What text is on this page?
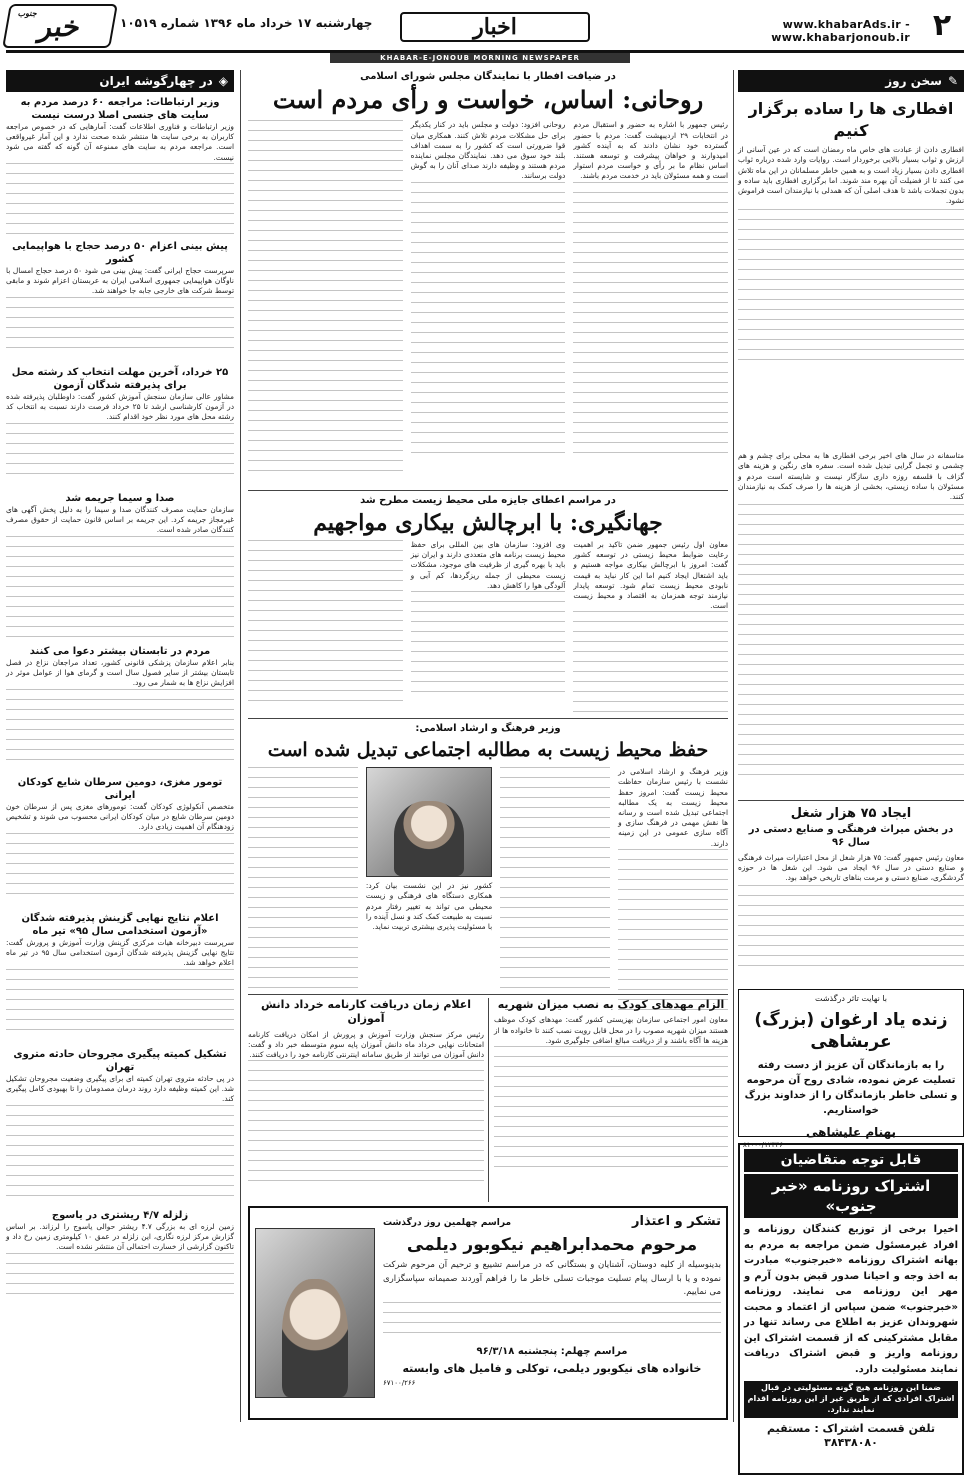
۲
www.khabarAds.ir - www.khabarjonoub.ir
اخبار
چهارشنبه ۱۷ خرداد ماه ۱۳۹۶ شماره ۱۰۵۱۹
جنوب
خبر
KHABAR-E-JONOUB MORNING NEWSPAPER
✎
سخن روز
افطاری ها را ساده برگزار کنیم

افطاری دادن از عبادت های خاص ماه رمضان است که در عین آسانی از ارزش و ثواب بسیار بالایی برخوردار است. روایات وارد شده درباره ثواب افطاری دادن بسیار زیاد است و به همین خاطر مسلمانان در این ماه تلاش می کنند تا از فضیلت آن بهره مند شوند. اما برگزاری افطاری باید ساده و بدون تجملات باشد تا هدف اصلی آن که همدلی با نیازمندان است فراموش نشود.

متاسفانه در سال های اخیر برخی افطاری ها به محلی برای چشم و هم چشمی و تجمل گرایی تبدیل شده است. سفره های رنگین و هزینه های گزاف با فلسفه روزه داری سازگار نیست و شایسته است مردم و مسئولان با ساده زیستی، بخشی از هزینه ها را صرف کمک به نیازمندان کنند.

ایجاد ۷۵ هزار شغل
در بخش میراث فرهنگی و صنایع دستی در سال ۹۶

معاون رئیس جمهور گفت: ۷۵ هزار شغل از محل اعتبارات میراث فرهنگی و صنایع دستی در سال ۹۶ ایجاد می شود. این شغل ها در حوزه گردشگری، صنایع دستی و مرمت بناهای تاریخی خواهد بود.

با نهایت تاثر درگذشت
زنده یاد ارغوان (بزرگ) عربشاهی
را به بازماندگان آن عزیز از دست رفته تسلیت عرض نموده، شادی روح آن مرحومه و تسلی خاطر بازماندگان را از خداوند بزرگ خواستاریم.
بهنام علیشاهی
۸۱۰۰۰/۱۲۳۳۶
قابل توجه متقاضیان
اشتراک روزنامه «خبر جنوب»
اخیرا برخی از توزیع کنندگان روزنامه و افراد غیرمسئول ضمن مراجعه به مردم به بهانه اشتراک روزنامه «خبرجنوب» مبادرت به اخذ وجه و احیانا صدور قبض بدون آرم و مهر این روزنامه می نمایند. روزنامه «خبرجنوب» ضمن سپاس از اعتماد و محبت شهروندان عزیز به اطلاع می رساند تنها در مقابل مشترکینی که از قسمت اشتراک این روزنامه واریز و قبض اشتراک دریافت نمایند مسئولیت دارد.
ضمنا این روزنامه هیچ گونه مسئولیتی در قبال اشتراک افرادی که از طریق غیر از این روزنامه اقدام نمایند ندارد.
تلفن قسمت اشتراک : مستقیم ۳۸۴۳۸۰۸۰
◈
در چهارگوشه ایران
وزیر ارتباطات: مراجعه ۶۰ درصد مردم به سایت های جنسی اصلا درست نیست

وزیر ارتباطات و فناوری اطلاعات گفت: آمارهایی که در خصوص مراجعه کاربران به برخی سایت ها منتشر شده صحت ندارد و این آمار غیرواقعی است. مراجعه مردم به سایت های ممنوعه آن گونه که گفته می شود نیست.

پیش بینی اعزام ۵۰ درصد حجاج با هواپیمایی کشور

سرپرست حجاج ایرانی گفت: پیش بینی می شود ۵۰ درصد حجاج امسال با ناوگان هواپیمایی جمهوری اسلامی ایران به عربستان اعزام شوند و مابقی توسط شرکت های خارجی جابه جا خواهند شد.

۲۵ خرداد، آخرین مهلت انتخاب کد رشته محل برای پذیرفته شدگان آزمون

مشاور عالی سازمان سنجش آموزش کشور گفت: داوطلبان پذیرفته شده در آزمون کارشناسی ارشد تا ۲۵ خرداد فرصت دارند نسبت به انتخاب کد رشته محل های مورد نظر خود اقدام کنند.

صدا و سیما جریمه شد

سازمان حمایت مصرف کنندگان صدا و سیما را به دلیل پخش آگهی های غیرمجاز جریمه کرد. این جریمه بر اساس قانون حمایت از حقوق مصرف کنندگان صادر شده است.

مردم در تابستان بیشتر دعوا می کنند

بنابر اعلام سازمان پزشکی قانونی کشور، تعداد مراجعان نزاع در فصل تابستان بیشتر از سایر فصول سال است و گرمای هوا از عوامل موثر در افزایش نزاع ها به شمار می رود.

تومور مغزی، دومین سرطان شایع کودکان ایرانی

متخصص آنکولوژی کودکان گفت: تومورهای مغزی پس از سرطان خون دومین سرطان شایع در میان کودکان ایرانی محسوب می شوند و تشخیص زودهنگام آن اهمیت زیادی دارد.

اعلام نتایج نهایی گزینش پذیرفته شدگان «آزمون استخدامی سال ۹۵» تیر ماه

سرپرست دبیرخانه هیات مرکزی گزینش وزارت آموزش و پرورش گفت: نتایج نهایی گزینش پذیرفته شدگان آزمون استخدامی سال ۹۵ در تیر ماه اعلام خواهد شد.

تشکیل کمیته پیگیری مجروحان حادثه متروی تهران

در پی حادثه متروی تهران کمیته ای برای پیگیری وضعیت مجروحان تشکیل شد. این کمیته وظیفه دارد روند درمان مصدومان را تا بهبودی کامل پیگیری کند.

زلزله ۴/۷ ریشتری در یاسوج

زمین لرزه ای به بزرگی ۴.۷ ریشتر حوالی یاسوج را لرزاند. بر اساس گزارش مرکز لرزه نگاری، این زلزله در عمق ۱۰ کیلومتری زمین رخ داد و تاکنون گزارشی از خسارت احتمالی آن منتشر نشده است.

در ضیافت افطار با نمایندگان مجلس شورای اسلامی
روحانی: اساس، خواست و رأی مردم است

رئیس جمهور با اشاره به حضور و استقبال مردم در انتخابات ۲۹ اردیبهشت گفت: مردم با حضور گسترده خود نشان دادند که به آینده کشور امیدوارند و خواهان پیشرفت و توسعه هستند. اساس نظام ما بر رأی و خواست مردم استوار است و همه مسئولان باید در خدمت مردم باشند.

روحانی افزود: دولت و مجلس باید در کنار یکدیگر برای حل مشکلات مردم تلاش کنند. همکاری میان قوا ضرورتی است که کشور را به سمت اهداف بلند خود سوق می دهد. نمایندگان مجلس نماینده مردم هستند و وظیفه دارند صدای آنان را به گوش دولت برسانند.

در مراسم اعطای جایزه ملی محیط زیست مطرح شد
جهانگیری: با ابرچالش بیکاری مواجهیم

معاون اول رئیس جمهور ضمن تاکید بر اهمیت رعایت ضوابط محیط زیستی در توسعه کشور گفت: امروز با ابرچالش بیکاری مواجه هستیم و باید اشتغال ایجاد کنیم اما این کار نباید به قیمت نابودی محیط زیست تمام شود. توسعه پایدار نیازمند توجه همزمان به اقتصاد و محیط زیست است.

وی افزود: سازمان های بین المللی برای حفظ محیط زیست برنامه های متعددی دارند و ایران نیز باید با بهره گیری از ظرفیت های موجود، مشکلات زیست محیطی از جمله ریزگردها، کم آبی و آلودگی هوا را کاهش دهد.

وزیر فرهنگ و ارشاد اسلامی:
حفظ محیط زیست به مطالبه اجتماعی تبدیل شده است

وزیر فرهنگ و ارشاد اسلامی در نشست با رئیس سازمان حفاظت محیط زیست گفت: امروز حفظ محیط زیست به یک مطالبه اجتماعی تبدیل شده است و رسانه ها نقش مهمی در فرهنگ سازی و آگاه سازی عمومی در این زمینه دارند.

کشور نیز در این نشست بیان کرد: همکاری دستگاه های فرهنگی و زیست محیطی می تواند به تغییر رفتار مردم نسبت به طبیعت کمک کند و نسل آینده را با مسئولیت پذیری بیشتری تربیت نماید.

اعلام زمان دریافت کارنامه خرداد دانش آموزان

رئیس مرکز سنجش وزارت آموزش و پرورش از امکان دریافت کارنامه امتحانات نهایی خرداد ماه دانش آموزان پایه سوم متوسطه خبر داد و گفت: دانش آموزان می توانند از طریق سامانه اینترنتی کارنامه خود را دریافت کنند.

الزام مهدهای کودک به نصب میزان شهریه

معاون امور اجتماعی سازمان بهزیستی کشور گفت: مهدهای کودک موظف هستند میزان شهریه مصوب را در محل قابل رویت نصب کنند تا خانواده ها از هزینه ها آگاه باشند و از دریافت مبالغ اضافی جلوگیری شود.

تشکر و اعتذار
مراسم چهلمین روز درگذشت
مرحوم محمدابراهیم نیکوبور دیلمی
بدینوسیله از کلیه دوستان، آشنایان و بستگانی که در مراسم تشییع و ترحیم آن مرحوم شرکت نموده و یا با ارسال پیام تسلیت موجبات تسلی خاطر ما را فراهم آوردند صمیمانه سپاسگزاری می نماییم.
مراسم چهلم: پنجشنبه ۹۶/۳/۱۸
خانواده های نیکوبور دیلمی، توکلی و فامیل های وابسته
۶۷۱۰۰/۲۶۶
